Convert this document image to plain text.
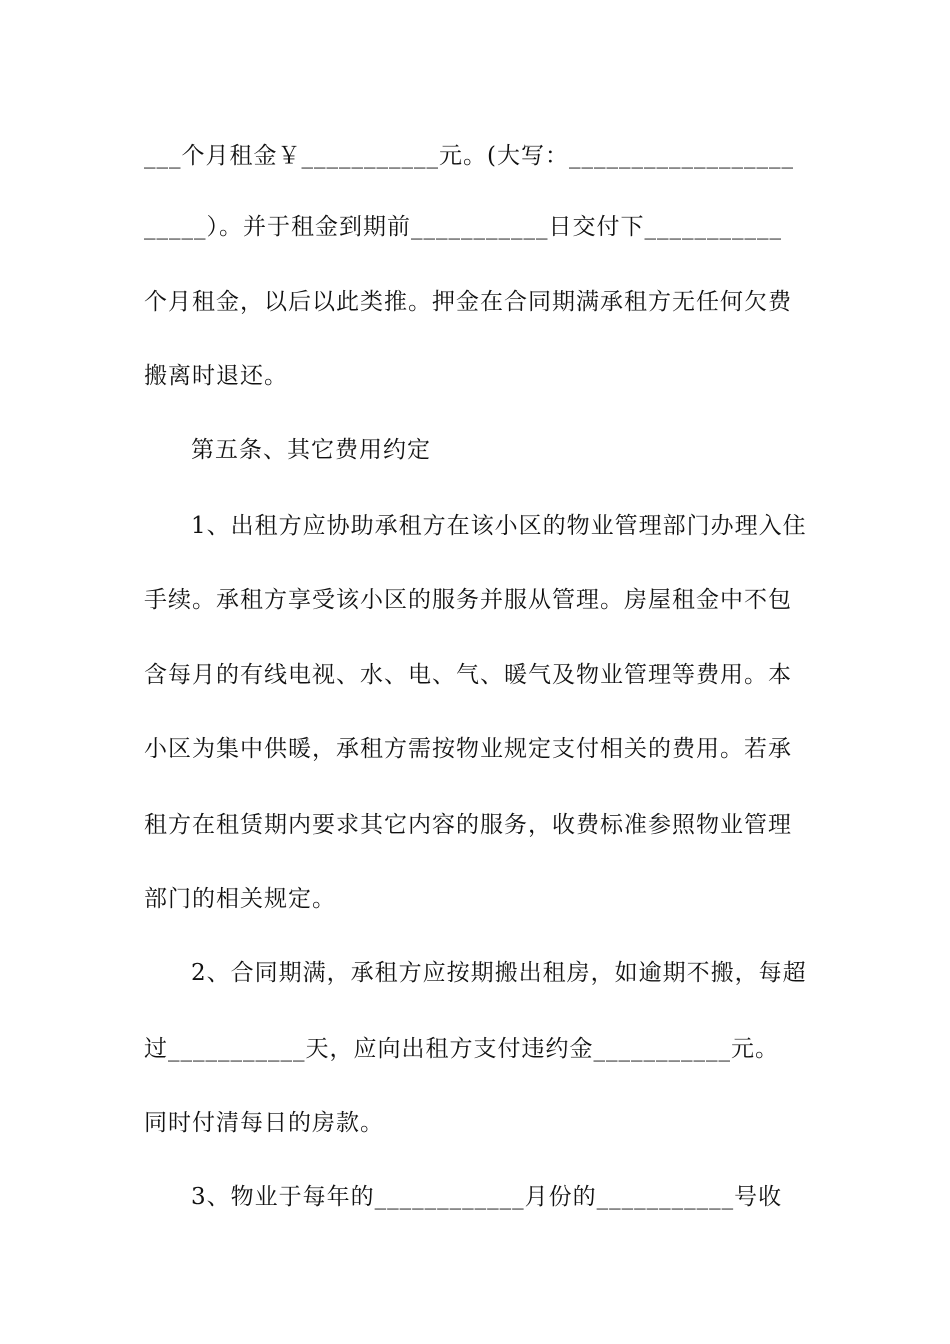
___个月租金￥___________元。(大写：__________________
_____）。并于租金到期前___________日交付下___________
个月租金，以后以此类推。押金在合同期满承租方无任何欠费
搬离时退还。
第五条、其它费用约定
1、出租方应协助承租方在该小区的物业管理部门办理入住
手续。承租方享受该小区的服务并服从管理。房屋租金中不包
含每月的有线电视、水、电、气、暖气及物业管理等费用。本
小区为集中供暖，承租方需按物业规定支付相关的费用。若承
租方在租赁期内要求其它内容的服务，收费标准参照物业管理
部门的相关规定。
2、合同期满，承租方应按期搬出租房，如逾期不搬，每超
过___________天，应向出租方支付违约金___________元。
同时付清每日的房款。
3、物业于每年的____________月份的___________号收
